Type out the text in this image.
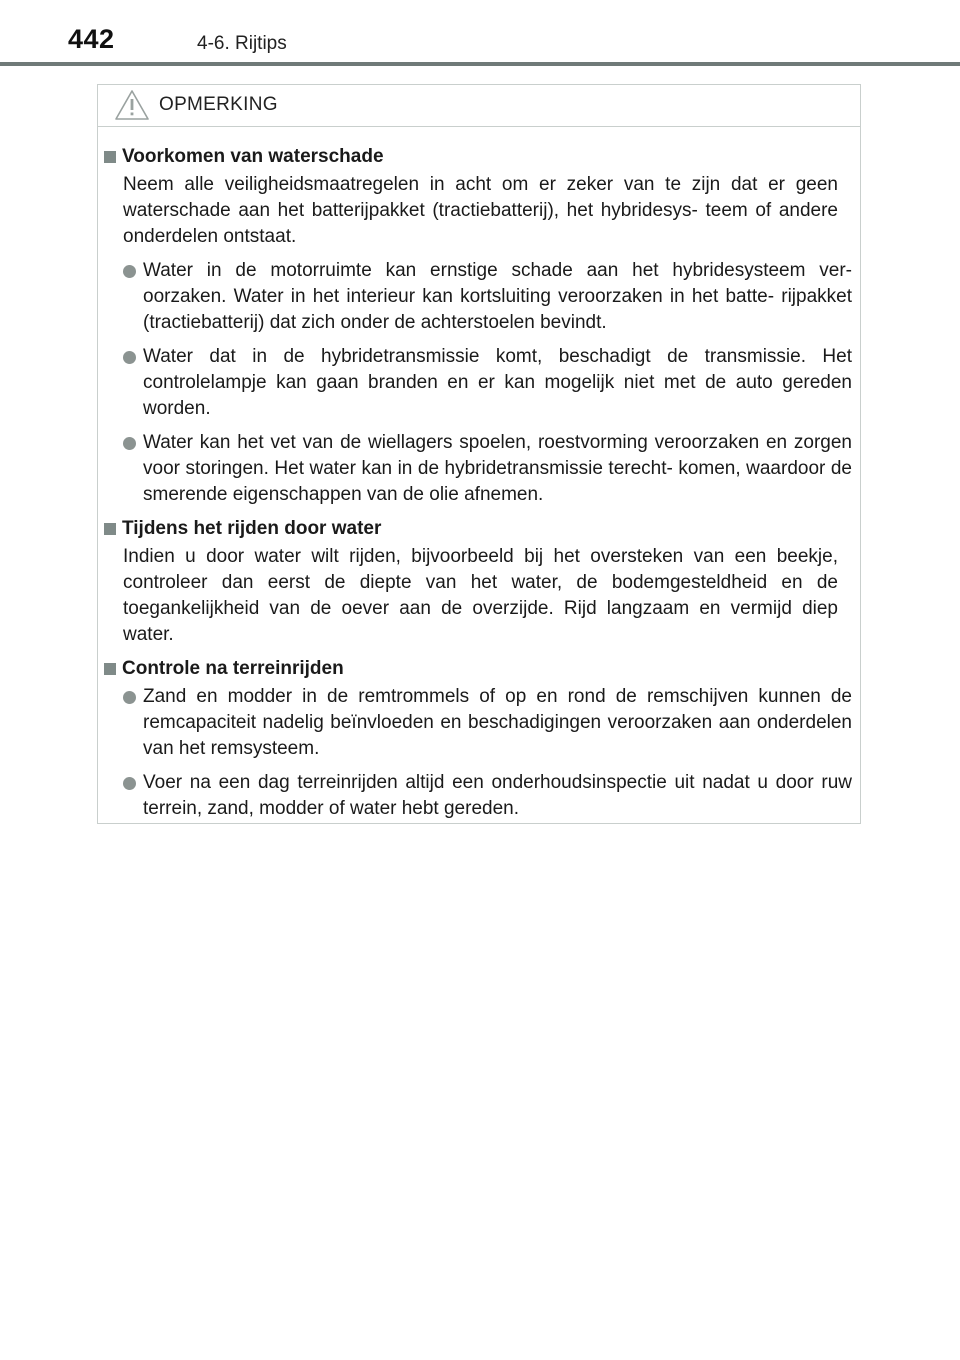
442	4-6. Rijtips
OPMERKING
Voorkomen van waterschade
Neem alle veiligheidsmaatregelen in acht om er zeker van te zijn dat er geen waterschade aan het batterijpakket (tractiebatterij), het hybridesys- teem of andere onderdelen ontstaat.
Water in de motorruimte kan ernstige schade aan het hybridesysteem ver- oorzaken. Water in het interieur kan kortsluiting veroorzaken in het batte- rijpakket (tractiebatterij) dat zich onder de achterstoelen bevindt.
Water dat in de hybridetransmissie komt, beschadigt de transmissie. Het controlelampje kan gaan branden en er kan mogelijk niet met de auto gereden worden.
Water kan het vet van de wiellagers spoelen, roestvorming veroorzaken en zorgen voor storingen. Het water kan in de hybridetransmissie terecht- komen, waardoor de smerende eigenschappen van de olie afnemen.
Tijdens het rijden door water
Indien u door water wilt rijden, bijvoorbeeld bij het oversteken van een beekje, controleer dan eerst de diepte van het water, de bodemgesteldheid en de toegankelijkheid van de oever aan de overzijde. Rijd langzaam en vermijd diep water.
Controle na terreinrijden
Zand en modder in de remtrommels of op en rond de remschijven kunnen de remcapaciteit nadelig beïnvloeden en beschadigingen veroorzaken aan onderdelen van het remsysteem.
Voer na een dag terreinrijden altijd een onderhoudsinspectie uit nadat u door ruw terrein, zand, modder of water hebt gereden.
